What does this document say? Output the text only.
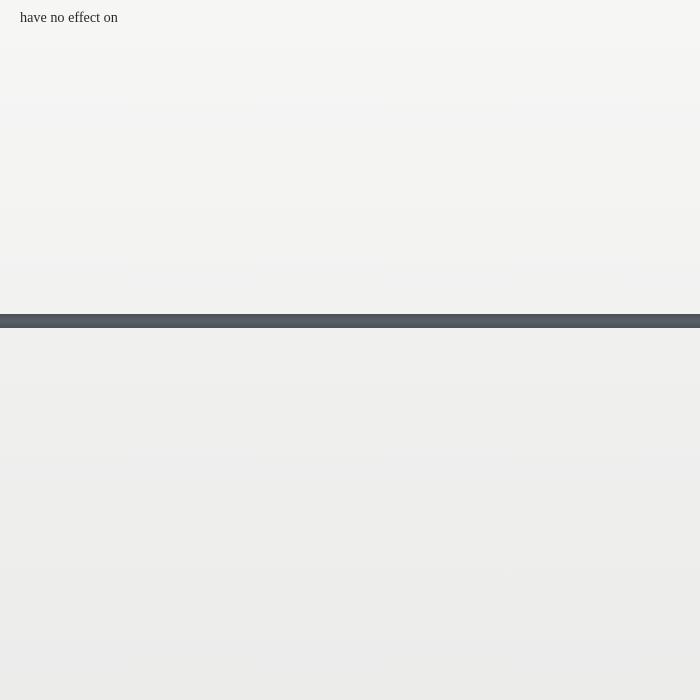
have no effect on
